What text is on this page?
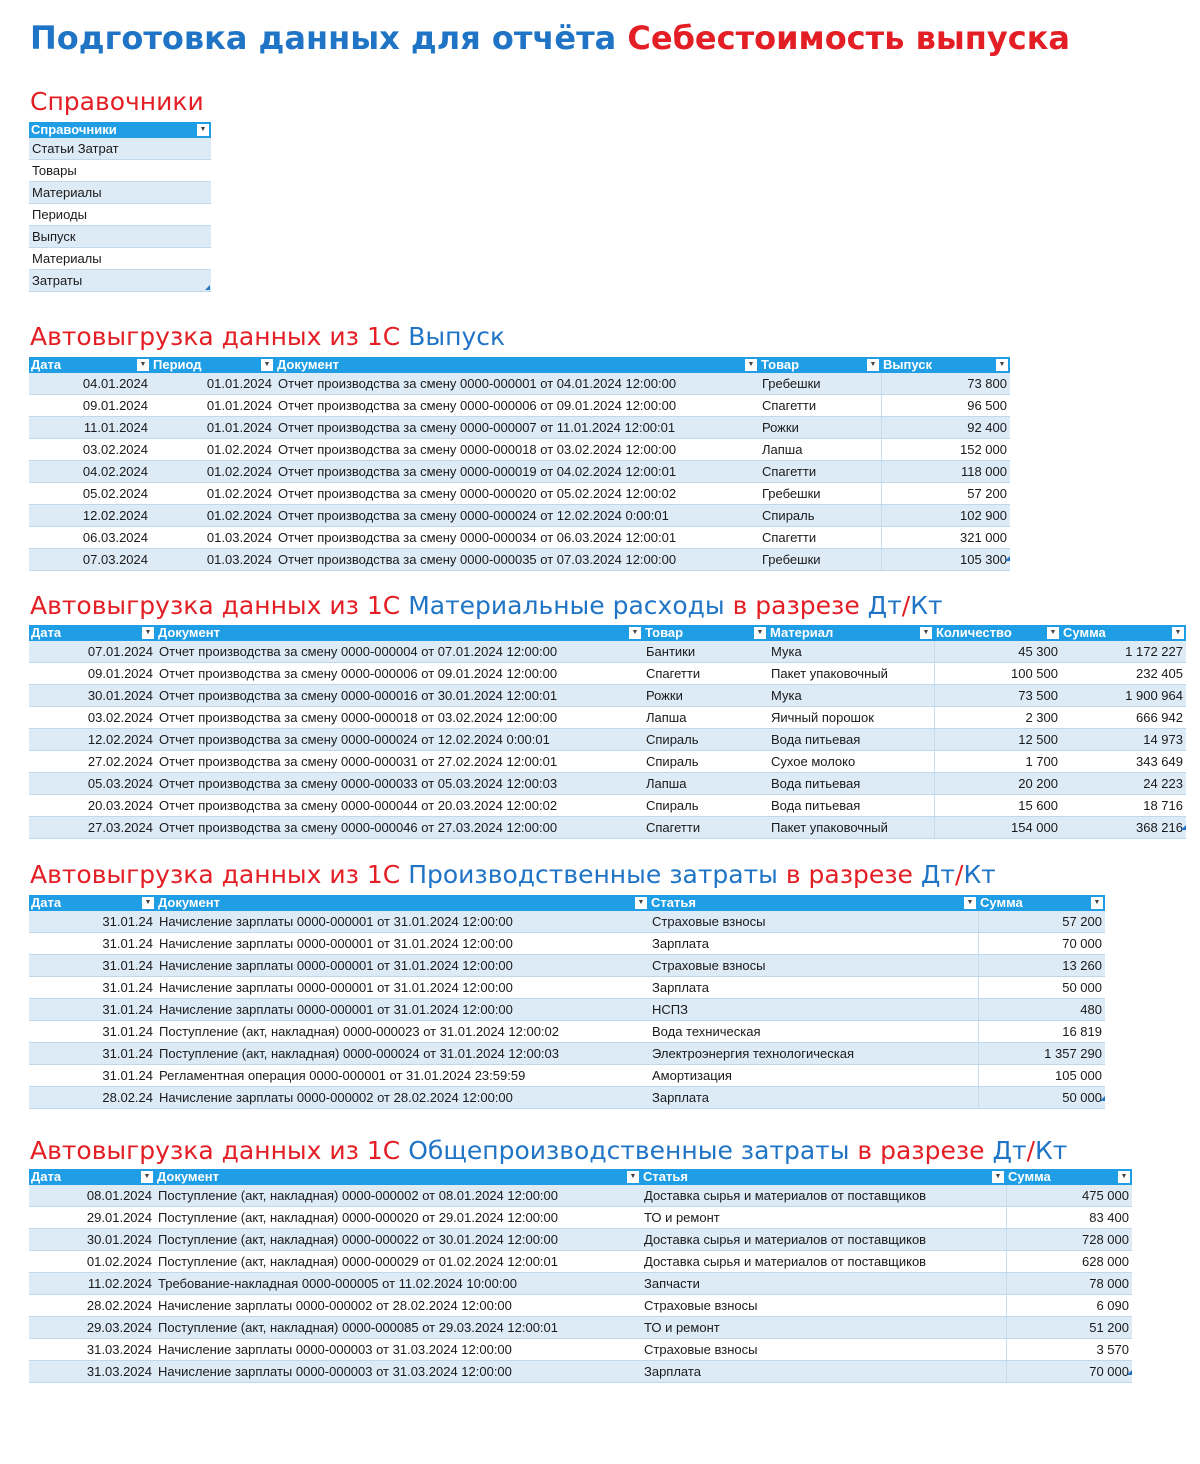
Подготовка данных для отчёта Себестоимость выпуска
Справочники
Справочники	▼

Статьи Затрат
Товары
Материалы
Периоды
Выпуск
Материалы
Затраты
Автовыгрузка данных из 1С Выпуск
Дата ▼	Период ▼	Документ ▼	Товар ▼	Выпуск ▼

04.01.2024	01.01.2024	Отчет производства за смену 0000-000001 от 04.01.2024 12:00:00	Гребешки	73 800
09.01.2024	01.01.2024	Отчет производства за смену 0000-000006 от 09.01.2024 12:00:00	Спагетти	96 500
11.01.2024	01.01.2024	Отчет производства за смену 0000-000007 от 11.01.2024 12:00:01	Рожки	92 400
03.02.2024	01.02.2024	Отчет производства за смену 0000-000018 от 03.02.2024 12:00:00	Лапша	152 000
04.02.2024	01.02.2024	Отчет производства за смену 0000-000019 от 04.02.2024 12:00:01	Спагетти	118 000
05.02.2024	01.02.2024	Отчет производства за смену 0000-000020 от 05.02.2024 12:00:02	Гребешки	57 200
12.02.2024	01.02.2024	Отчет производства за смену 0000-000024 от 12.02.2024 0:00:01	Спираль	102 900
06.03.2024	01.03.2024	Отчет производства за смену 0000-000034 от 06.03.2024 12:00:01	Спагетти	321 000
07.03.2024	01.03.2024	Отчет производства за смену 0000-000035 от 07.03.2024 12:00:00	Гребешки	105 300
Автовыгрузка данных из 1С Материальные расходы в разрезе Дт/Кт
Дата ▼	Документ ▼	Товар ▼	Материал ▼	Количество ▼	Сумма ▼

07.01.2024	Отчет производства за смену 0000-000004 от 07.01.2024 12:00:00	Бантики	Мука	45 300	1 172 227
09.01.2024	Отчет производства за смену 0000-000006 от 09.01.2024 12:00:00	Спагетти	Пакет упаковочный	100 500	232 405
30.01.2024	Отчет производства за смену 0000-000016 от 30.01.2024 12:00:01	Рожки	Мука	73 500	1 900 964
03.02.2024	Отчет производства за смену 0000-000018 от 03.02.2024 12:00:00	Лапша	Яичный порошок	2 300	666 942
12.02.2024	Отчет производства за смену 0000-000024 от 12.02.2024 0:00:01	Спираль	Вода питьевая	12 500	14 973
27.02.2024	Отчет производства за смену 0000-000031 от 27.02.2024 12:00:01	Спираль	Сухое молоко	1 700	343 649
05.03.2024	Отчет производства за смену 0000-000033 от 05.03.2024 12:00:03	Лапша	Вода питьевая	20 200	24 223
20.03.2024	Отчет производства за смену 0000-000044 от 20.03.2024 12:00:02	Спираль	Вода питьевая	15 600	18 716
27.03.2024	Отчет производства за смену 0000-000046 от 27.03.2024 12:00:00	Спагетти	Пакет упаковочный	154 000	368 216
Автовыгрузка данных из 1С Производственные затраты в разрезе Дт/Кт
Дата ▼	Документ ▼	Статья ▼	Сумма ▼

31.01.24	Начисление зарплаты 0000-000001 от 31.01.2024 12:00:00	Страховые взносы	57 200
31.01.24	Начисление зарплаты 0000-000001 от 31.01.2024 12:00:00	Зарплата	70 000
31.01.24	Начисление зарплаты 0000-000001 от 31.01.2024 12:00:00	Страховые взносы	13 260
31.01.24	Начисление зарплаты 0000-000001 от 31.01.2024 12:00:00	Зарплата	50 000
31.01.24	Начисление зарплаты 0000-000001 от 31.01.2024 12:00:00	НСПЗ	480
31.01.24	Поступление (акт, накладная) 0000-000023 от 31.01.2024 12:00:02	Вода техническая	16 819
31.01.24	Поступление (акт, накладная) 0000-000024 от 31.01.2024 12:00:03	Электроэнергия технологическая	1 357 290
31.01.24	Регламентная операция 0000-000001 от 31.01.2024 23:59:59	Амортизация	105 000
28.02.24	Начисление зарплаты 0000-000002 от 28.02.2024 12:00:00	Зарплата	50 000
Автовыгрузка данных из 1С Общепроизводственные затраты в разрезе Дт/Кт
Дата ▼	Документ ▼	Статья ▼	Сумма ▼

08.01.2024	Поступление (акт, накладная) 0000-000002 от 08.01.2024 12:00:00	Доставка сырья и материалов от поставщиков	475 000
29.01.2024	Поступление (акт, накладная) 0000-000020 от 29.01.2024 12:00:00	ТО и ремонт	83 400
30.01.2024	Поступление (акт, накладная) 0000-000022 от 30.01.2024 12:00:00	Доставка сырья и материалов от поставщиков	728 000
01.02.2024	Поступление (акт, накладная) 0000-000029 от 01.02.2024 12:00:01	Доставка сырья и материалов от поставщиков	628 000
11.02.2024	Требование-накладная 0000-000005 от 11.02.2024 10:00:00	Запчасти	78 000
28.02.2024	Начисление зарплаты 0000-000002 от 28.02.2024 12:00:00	Страховые взносы	6 090
29.03.2024	Поступление (акт, накладная) 0000-000085 от 29.03.2024 12:00:01	ТО и ремонт	51 200
31.03.2024	Начисление зарплаты 0000-000003 от 31.03.2024 12:00:00	Страховые взносы	3 570
31.03.2024	Начисление зарплаты 0000-000003 от 31.03.2024 12:00:00	Зарплата	70 000
